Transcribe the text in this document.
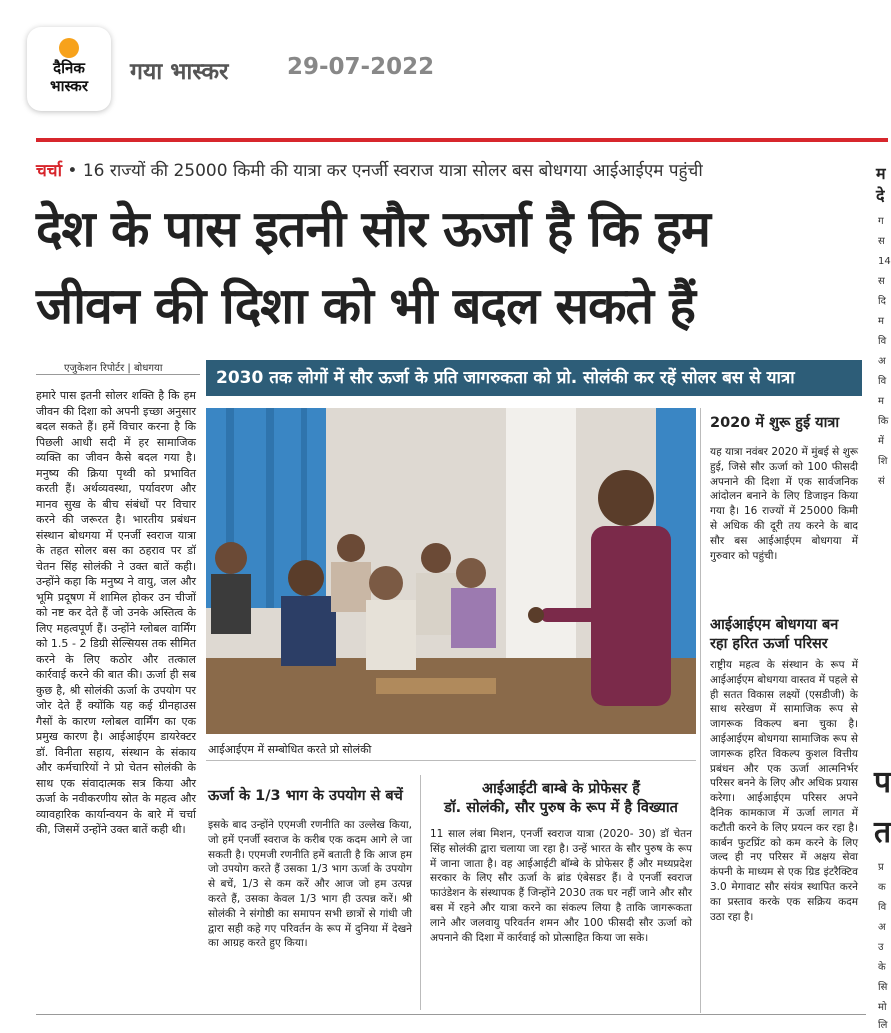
दैनिक
भास्कर
गया भास्कर	29-07-2022
चर्चा • 16 राज्यों की 25000 किमी की यात्रा कर एनर्जी स्वराज यात्रा सोलर बस बोधगया आईआईएम पहुंची
देश के पास इतनी सौर ऊर्जा है कि हम
जीवन की दिशा को भी बदल सकते हैं
एजुकेशन रिपोर्टर | बोधगया	2030 तक लोगों में सौर ऊर्जा के प्रति जागरुकता को प्रो. सोलंकी कर रहें सोलर बस से यात्रा
हमारे पास इतनी सोलर शक्ति है कि हम जीवन की दिशा को अपनी इच्छा अनुसार बदल सकते हैं। हमें विचार करना है कि पिछली आधी सदी में हर सामाजिक व्यक्ति का जीवन कैसे बदल गया है। मनुष्य की क्रिया पृथ्वी को प्रभावित करती हैं। अर्थव्यवस्था, पर्यावरण और मानव सुख के बीच संबंधों पर विचार करने की जरूरत है। भारतीय प्रबंधन संस्थान बोधगया में एनर्जी स्वराज यात्रा के तहत सोलर बस का ठहराव पर डॉ चेतन सिंह सोलंकी ने उक्त बातें कही। उन्होंने कहा कि मनुष्य ने वायु, जल और भूमि प्रदूषण में शामिल होकर उन चीजों को नष्ट कर देते हैं जो उनके अस्तित्व के लिए महत्वपूर्ण हैं। उन्होंने ग्लोबल वार्मिंग को 1.5 - 2 डिग्री सेल्सियस तक सीमित करने के लिए कठोर और तत्काल कार्रवाई करने की बात की। ऊर्जा ही सब कुछ है, श्री सोलंकी ऊर्जा के उपयोग पर जोर देते हैं क्योंकि यह कई ग्रीनहाउस गैसों के कारण ग्लोबल वार्मिंग का एक प्रमुख कारण है। आईआईएम डायरेक्टर डॉ. विनीता सहाय, संस्थान के संकाय और कर्मचारियों ने प्रो चेतन सोलंकी के साथ एक संवादात्मक सत्र किया और ऊर्जा के नवीकरणीय स्रोत के महत्व और व्यावहारिक कार्यान्वयन के बारे में चर्चा की, जिसमें उन्होंने उक्त बातें कही थी।
आईआईएम में सम्बोधित करते प्रो सोलंकी
ऊर्जा के 1/3 भाग के उपयोग से बचें
इसके बाद उन्होंने एएमजी रणनीति का उल्लेख किया, जो हमें एनर्जी स्वराज के करीब एक कदम आगे ले जा सकती है। एएमजी रणनीति हमें बताती है कि आज हम जो उपयोग करते हैं उसका 1/3 भाग ऊर्जा के उपयोग से बचें, 1/3 से कम करें और आज जो हम उत्पन्न करते हैं, उसका केवल 1/3 भाग ही उत्पन्न करें। श्री सोलंकी ने संगोष्ठी का समापन सभी छात्रों से गांधी जी द्वारा सही कहे गए परिवर्तन के रूप में दुनिया में देखने का आग्रह करते हुए किया।
आईआईटी बाम्बे के प्रोफेसर हैं
डॉ. सोलंकी, सौर पुरुष के रूप में है विख्यात
11 साल लंबा मिशन, एनर्जी स्वराज यात्रा (2020- 30) डॉ चेतन सिंह सोलंकी द्वारा चलाया जा रहा है। उन्हें भारत के सौर पुरुष के रूप में जाना जाता है। वह आईआईटी बॉम्बे के प्रोफेसर हैं और मध्यप्रदेश सरकार के लिए सौर ऊर्जा के ब्रांड एंबेसडर हैं। वे एनर्जी स्वराज फाउंडेशन के संस्थापक हैं जिन्होंने 2030 तक घर नहीं जाने और सौर बस में रहने और यात्रा करने का संकल्प लिया है ताकि जागरूकता लाने और जलवायु परिवर्तन शमन और 100 फीसदी सौर ऊर्जा को अपनाने की दिशा में कार्रवाई को प्रोत्साहित किया जा सके।
2020 में शुरू हुई यात्रा
यह यात्रा नवंबर 2020 में मुंबई से शुरू हुई, जिसे सौर ऊर्जा को 100 फीसदी अपनाने की दिशा में एक सार्वजनिक आंदोलन बनाने के लिए डिजाइन किया गया है। 16 राज्यों में 25000 किमी से अधिक की दूरी तय करने के बाद सौर बस आईआईएम बोधगया में गुरुवार को पहुंची।
आईआईएम बोधगया बन रहा हरित ऊर्जा परिसर
राष्ट्रीय महत्व के संस्थान के रूप में आईआईएम बोधगया वास्तव में पहले से ही सतत विकास लक्ष्यों (एसडीजी) के साथ सरेखण में सामाजिक रूप से जागरूक विकल्प बना चुका है। आईआईएम बोधगया सामाजिक रूप से जागरूक हरित विकल्प कुशल वित्तीय प्रबंधन और एक ऊर्जा आत्मनिर्भर परिसर बनने के लिए और अधिक प्रयास करेगा। आईआईएम परिसर अपने दैनिक कामकाज में ऊर्जा लागत में कटौती करने के लिए प्रयत्न कर रहा है। कार्बन फुटप्रिंट को कम करने के लिए जल्द ही नए परिसर में अक्षय सेवा कंपनी के माध्यम से एक ग्रिड इंटरैक्टिव 3.0 मेगावाट सौर संयंत्र स्थापित करने का प्रस्ताव करके एक सक्रिय कदम उठा रहा है।
म
दे
ग
स
14
स
दि
म
वि
अ
वि
म
कि
में
शि
सं
प
त
प्र
क
वि
अ
उ
के
सि
मो
लि
